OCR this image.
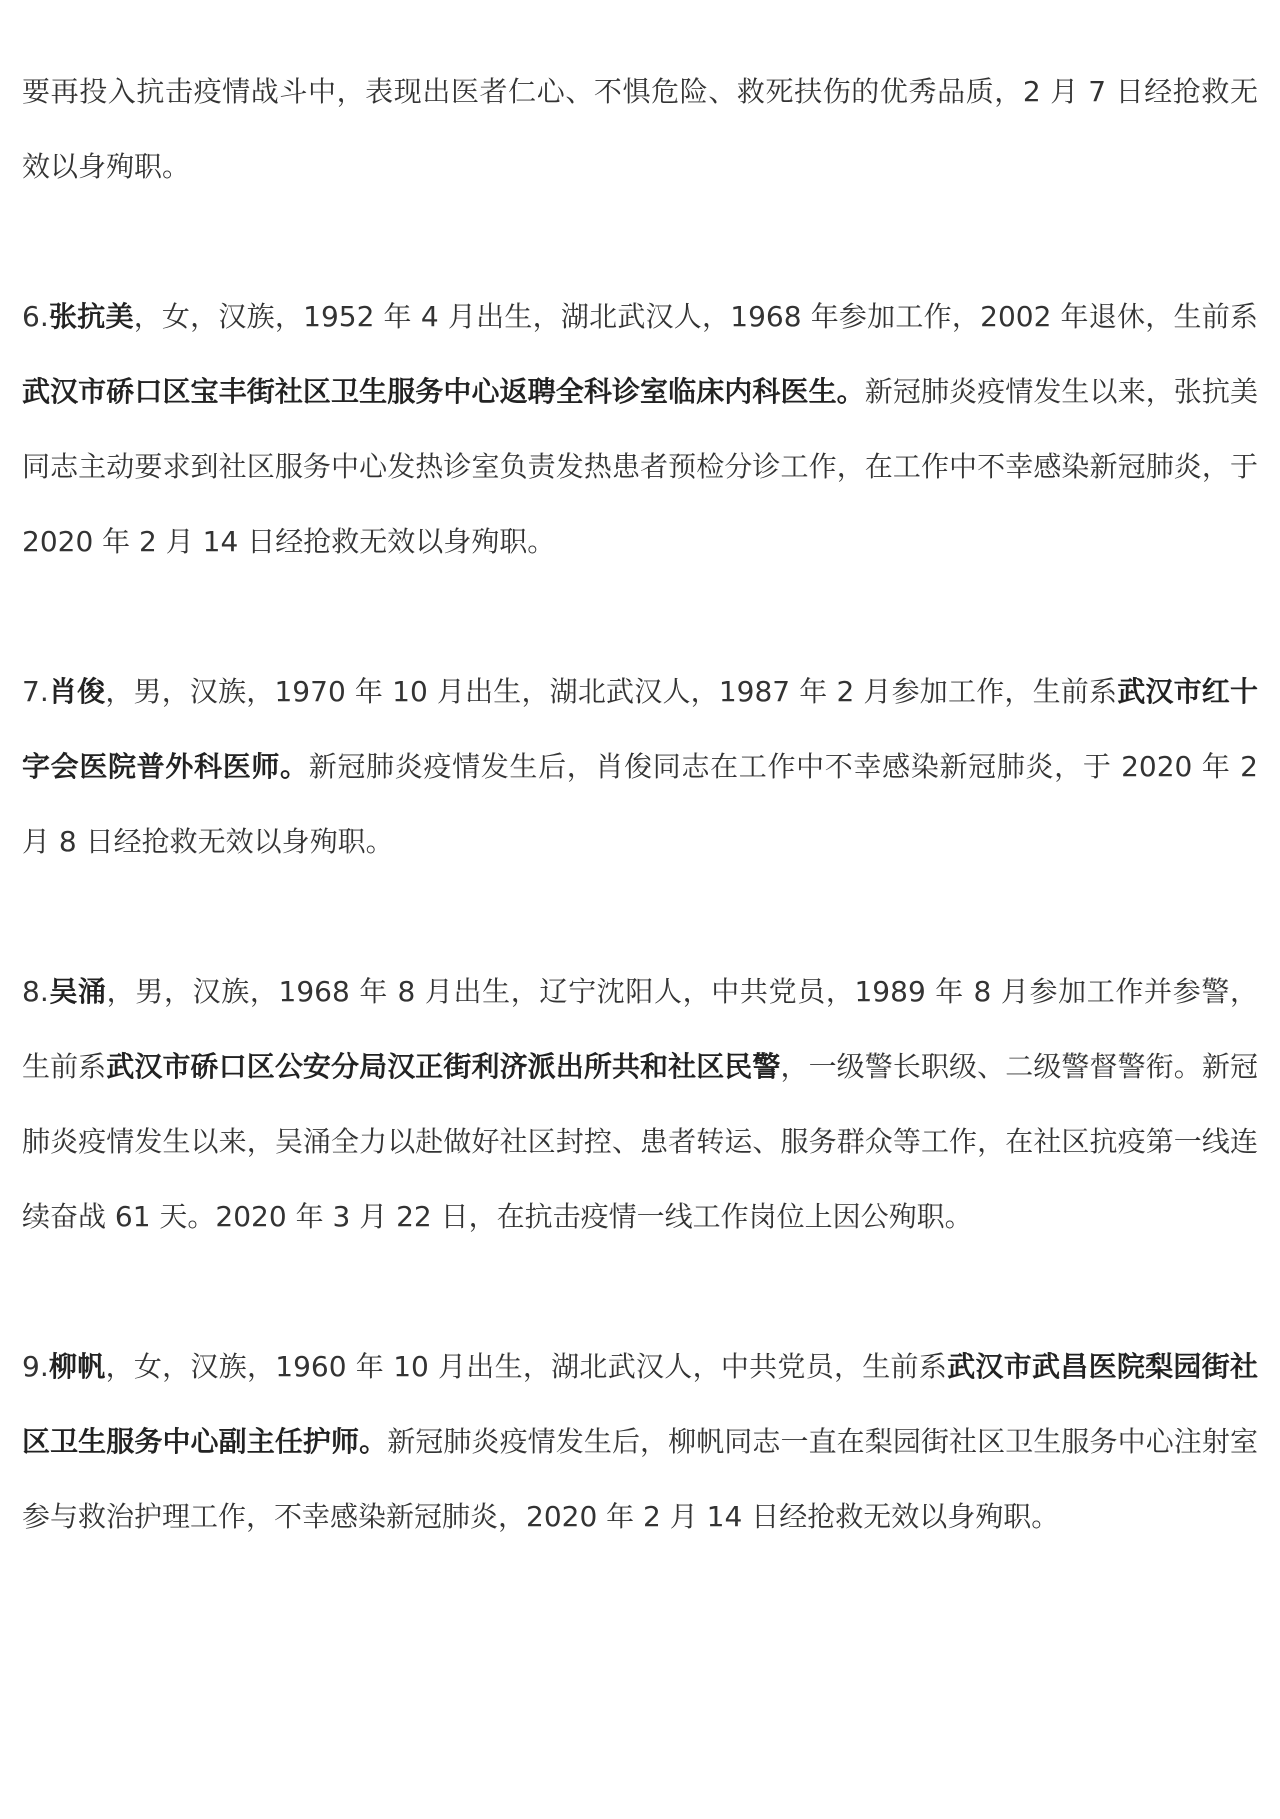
要再投入抗击疫情战斗中，表现出医者仁心、不惧危险、救死扶伤的优秀品质，2 月 7 日经抢救无效以身殉职。

6.张抗美，女，汉族，1952 年 4 月出生，湖北武汉人，1968 年参加工作，2002 年退休，生前系武汉市硚口区宝丰街社区卫生服务中心返聘全科诊室临床内科医生。新冠肺炎疫情发生以来，张抗美同志主动要求到社区服务中心发热诊室负责发热患者预检分诊工作，在工作中不幸感染新冠肺炎，于 2020 年 2 月 14 日经抢救无效以身殉职。

7.肖俊，男，汉族，1970 年 10 月出生，湖北武汉人，1987 年 2 月参加工作，生前系武汉市红十字会医院普外科医师。新冠肺炎疫情发生后，肖俊同志在工作中不幸感染新冠肺炎，于 2020 年 2 月 8 日经抢救无效以身殉职。

8.吴涌，男，汉族，1968 年 8 月出生，辽宁沈阳人，中共党员，1989 年 8 月参加工作并参警，生前系武汉市硚口区公安分局汉正街利济派出所共和社区民警，一级警长职级、二级警督警衔。新冠肺炎疫情发生以来，吴涌全力以赴做好社区封控、患者转运、服务群众等工作，在社区抗疫第一线连续奋战 61 天。2020 年 3 月 22 日，在抗击疫情一线工作岗位上因公殉职。

9.柳帆，女，汉族，1960 年 10 月出生，湖北武汉人，中共党员，生前系武汉市武昌医院梨园街社区卫生服务中心副主任护师。新冠肺炎疫情发生后，柳帆同志一直在梨园街社区卫生服务中心注射室参与救治护理工作，不幸感染新冠肺炎，2020 年 2 月 14 日经抢救无效以身殉职。
